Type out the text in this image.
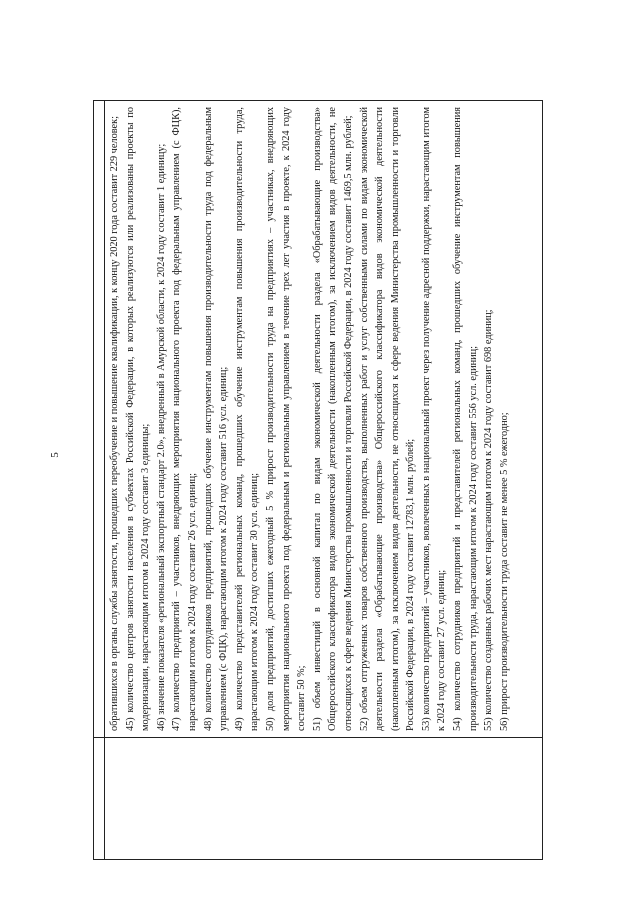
5	обратившихся в органы службы занятости, прошедших переобучение и повышение квалификации, к концу 2020 года составит 229 человек; 45) количество центров занятости населения в субъектах Российской Федерации, в которых реализуются или реализованы проекты по модернизации, нарастающим итогом в 2024 году составит 3 единицы; 46) значение показателя «региональный экспортный стандарт 2.0», внедренный в Амурской области, к 2024 году составит 1 единицу; 47) количество предприятий – участников, внедряющих мероприятия национального проекта под федеральным управлением (с ФЦК), нарастающим итогом к 2024 году составит 26 усл. единиц; 48) количество сотрудников предприятий, прошедших обучение инструментам повышения производительности труда под федеральным управлением (с ФЦК), нарастающим итогом к 2024 году составит 516 усл. единиц; 49) количество представителей региональных команд, прошедших обучение инструментам повышения производительности труда, нарастающим итогом к 2024 году составит 30 усл. единиц; 50) доля предприятий, достигших ежегодный 5 % прирост производительности труда на предприятиях – участниках, внедряющих мероприятия национального проекта под федеральным и региональным управлением в течение трех лет участия в проекте, к 2024 году составит 50 %; 51) объем инвестиций в основной капитал по видам экономической деятельности раздела «Обрабатывающие производства» Общероссийского классификатора видов экономической деятельности (накопленным итогом), за исключением видов деятельности, не относящихся к сфере ведения Министерства промышленности и торговли Российской Федерации, в 2024 году составит 1469,5 млн. рублей; 52) объем отгруженных товаров собственного производства, выполненных работ и услуг собственными силами по видам экономической деятельности раздела «Обрабатывающие производства» Общероссийского классификатора видов экономической деятельности (накопленным итогом), за исключением видов деятельности, не относящихся к сфере ведения Министерства промышленности и торговли Российской Федерации, в 2024 году составит 12783,1 млн. рублей; 53) количество предприятий – участников, вовлеченных в национальный проект через получение адресной поддержки, нарастающим итогом к 2024 году составит 27 усл. единиц; 54) количество сотрудников предприятий и представителей региональных команд, прошедших обучение инструментам повышения производительности труда, нарастающим итогом к 2024 году составит 556 усл. единиц; 55) количество созданных рабочих мест нарастающим итогом к 2024 году составит 698 единиц; 56) прирост производительности труда составит не менее 5 % ежегодно;
